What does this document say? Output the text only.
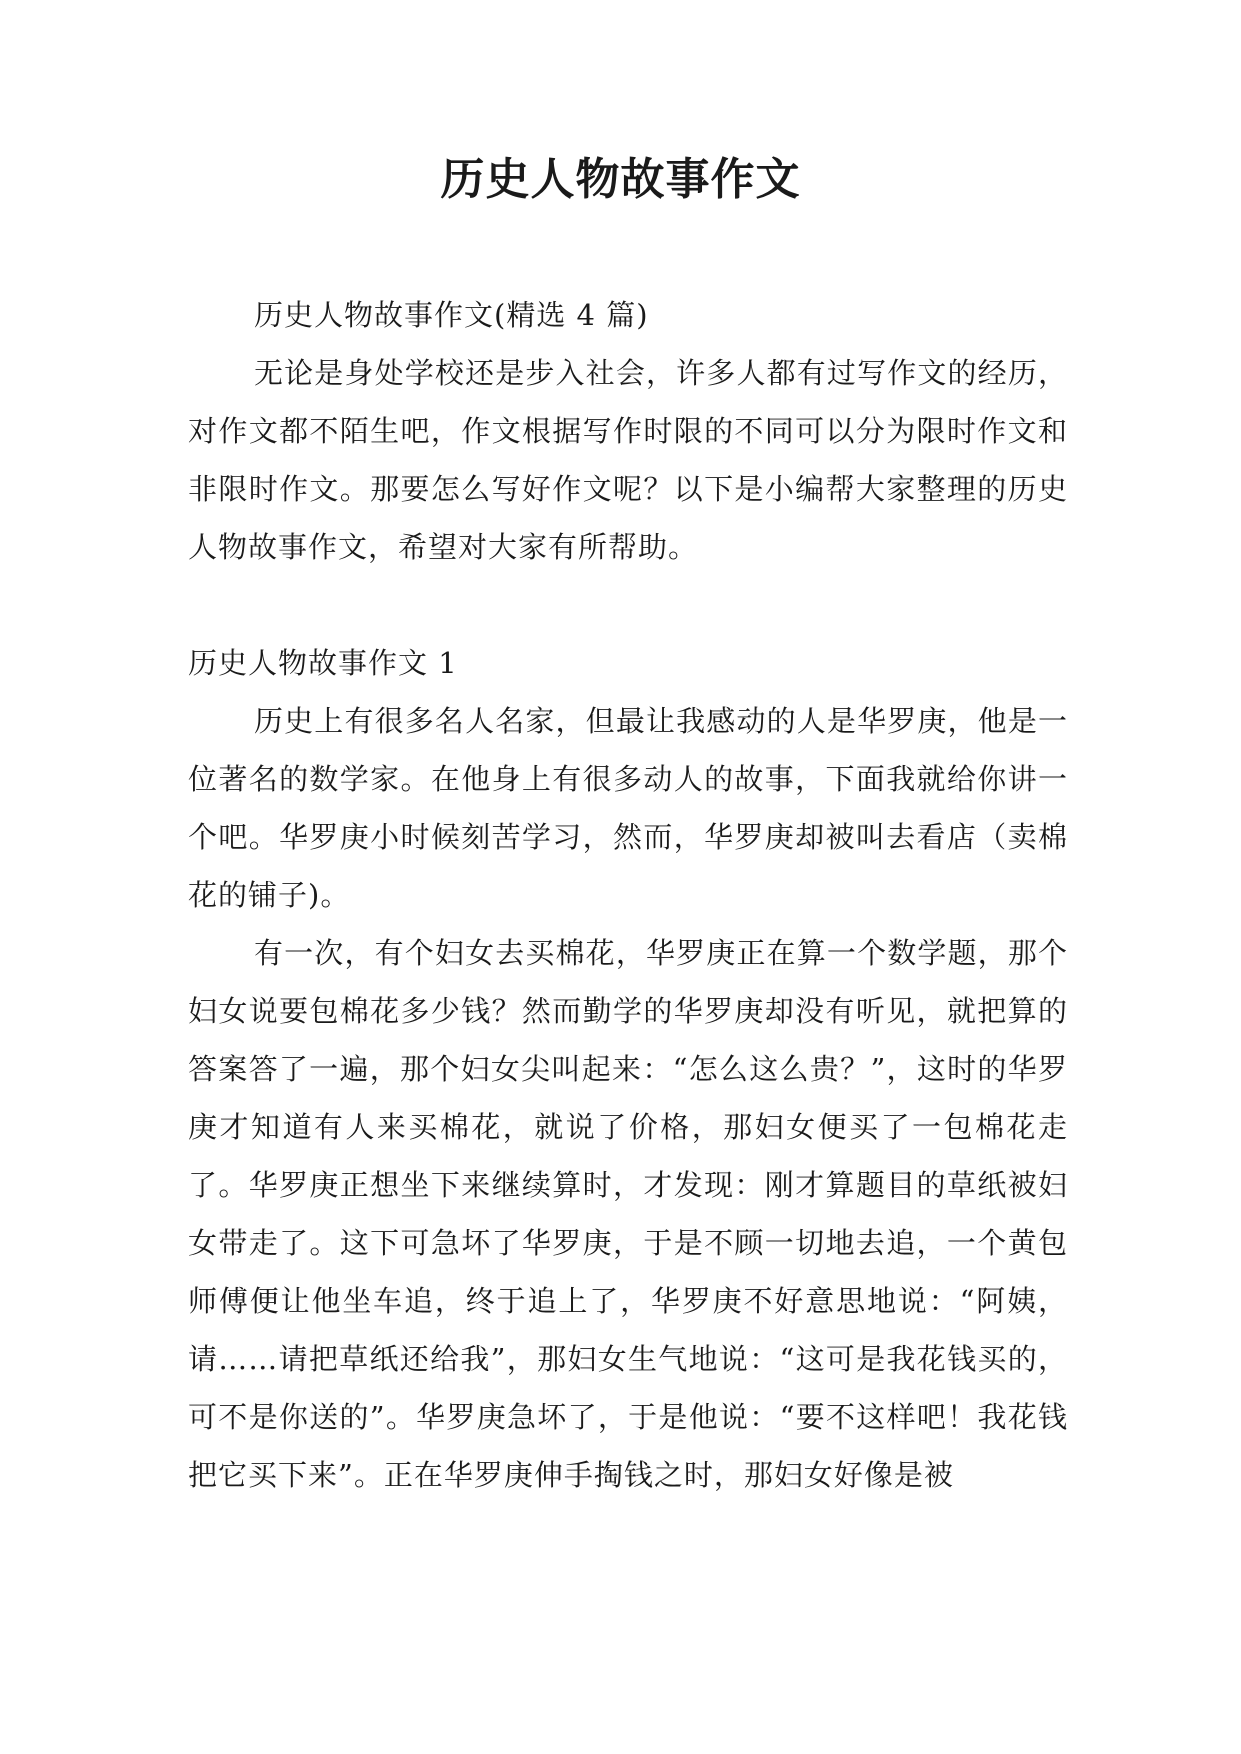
历史人物故事作文

历史人物故事作文(精选 4 篇)

无论是身处学校还是步入社会，许多人都有过写作文的经历，对作文都不陌生吧，作文根据写作时限的不同可以分为限时作文和非限时作文。那要怎么写好作文呢？以下是小编帮大家整理的历史人物故事作文，希望对大家有所帮助。

历史人物故事作文 1

历史上有很多名人名家，但最让我感动的人是华罗庚，他是一位著名的数学家。在他身上有很多动人的故事，下面我就给你讲一个吧。华罗庚小时候刻苦学习，然而，华罗庚却被叫去看店（卖棉花的铺子)。

有一次，有个妇女去买棉花，华罗庚正在算一个数学题，那个妇女说要包棉花多少钱？然而勤学的华罗庚却没有听见，就把算的答案答了一遍，那个妇女尖叫起来：“怎么这么贵？”，这时的华罗庚才知道有人来买棉花，就说了价格，那妇女便买了一包棉花走了。华罗庚正想坐下来继续算时，才发现：刚才算题目的草纸被妇女带走了。这下可急坏了华罗庚，于是不顾一切地去追，一个黄包师傅便让他坐车追，终于追上了，华罗庚不好意思地说：“阿姨，请……请把草纸还给我”，那妇女生气地说：“这可是我花钱买的，可不是你送的”。华罗庚急坏了，于是他说：“要不这样吧！我花钱把它买下来”。正在华罗庚伸手掏钱之时，那妇女好像是被
